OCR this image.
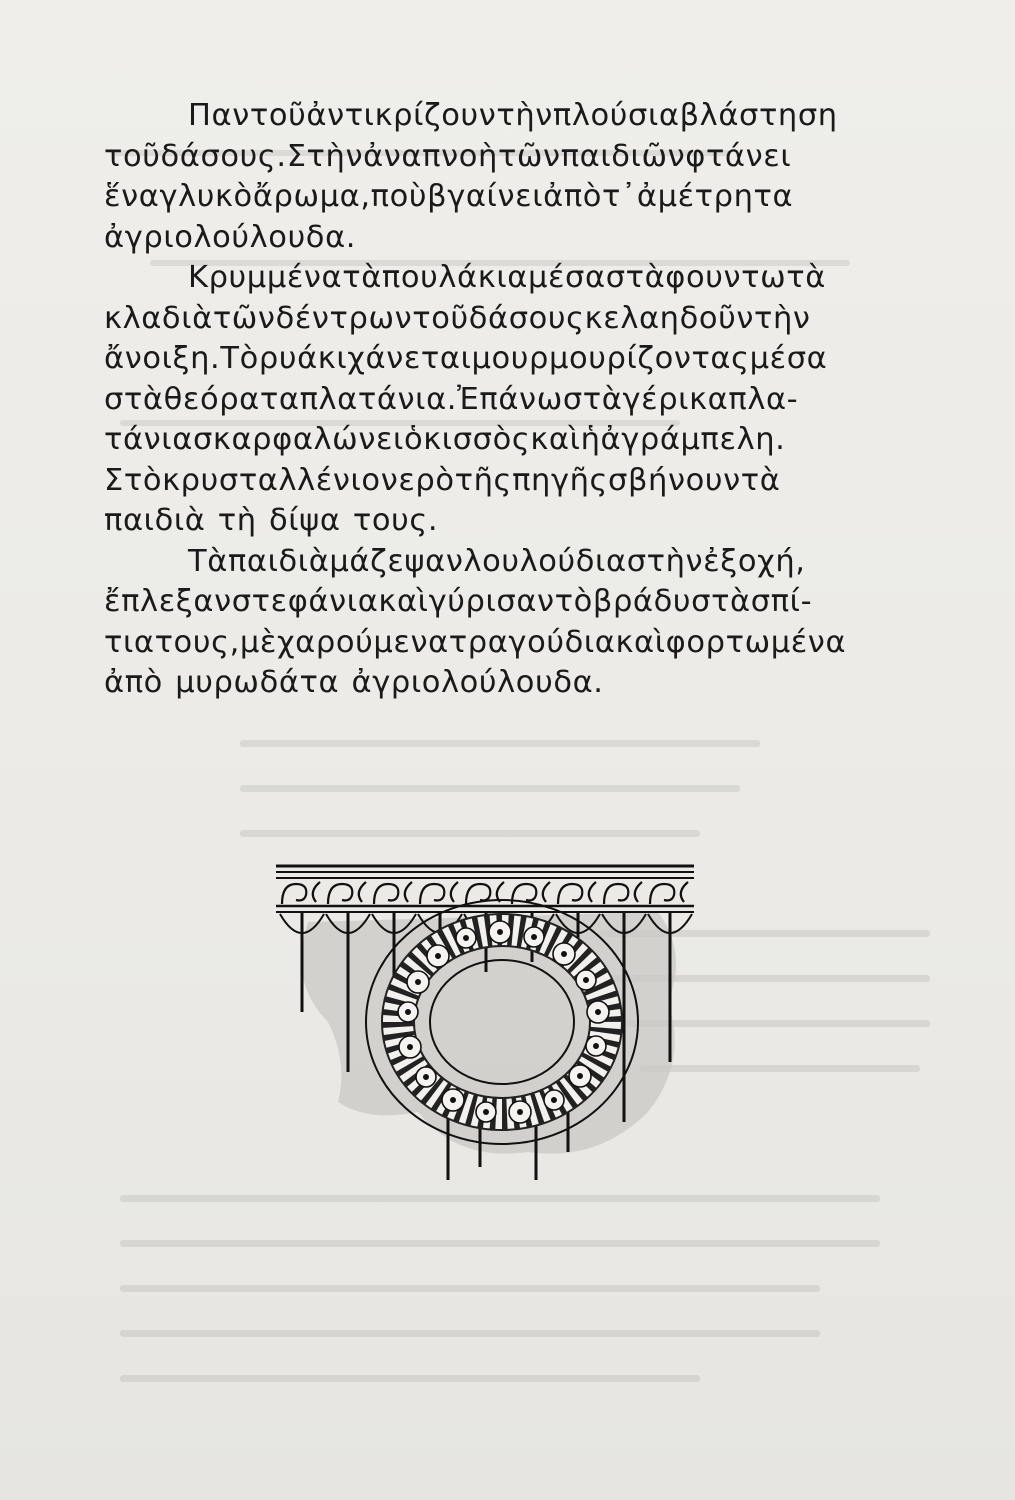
Παντοῦἀντικρίζουντὴνπλούσιαβλάστηση
τοῦδάσους.Στὴνἀναπνοὴτῶνπαιδιῶνφτάνει
ἕναγλυκὸἄρωμα,ποὺβγαίνειἀπὸτ᾽ἀμέτρητα
ἀγριολούλουδα.

Κρυμμένατὰπουλάκιαμέσαστὰφουντωτὰ
κλαδιὰτῶνδέντρωντοῦδάσουςκελαηδοῦντὴν
ἄνοιξη.Τὸρυάκιχάνεταιμουρμουρίζονταςμέσα
στὰθεόραταπλατάνια.Ἐπάνωστὰγέρικαπλα-
τάνιασκαρφαλώνειὁκισσὸςκαὶἡἀγράμπελη.
Στὸκρυσταλλένιονερὸτῆςπηγῆςσβήνουντὰ
παιδιὰ τὴ δίψα τους.

Τὰπαιδιὰμάζεψανλουλούδιαστὴνἐξοχή,
ἔπλεξανστεφάνιακαὶγύρισαντὸβράδυστὰσπί-
τιατους,μὲχαρούμενατραγούδιακαὶφορτωμένα
ἀπὸ μυρωδάτα ἀγριολούλουδα.
